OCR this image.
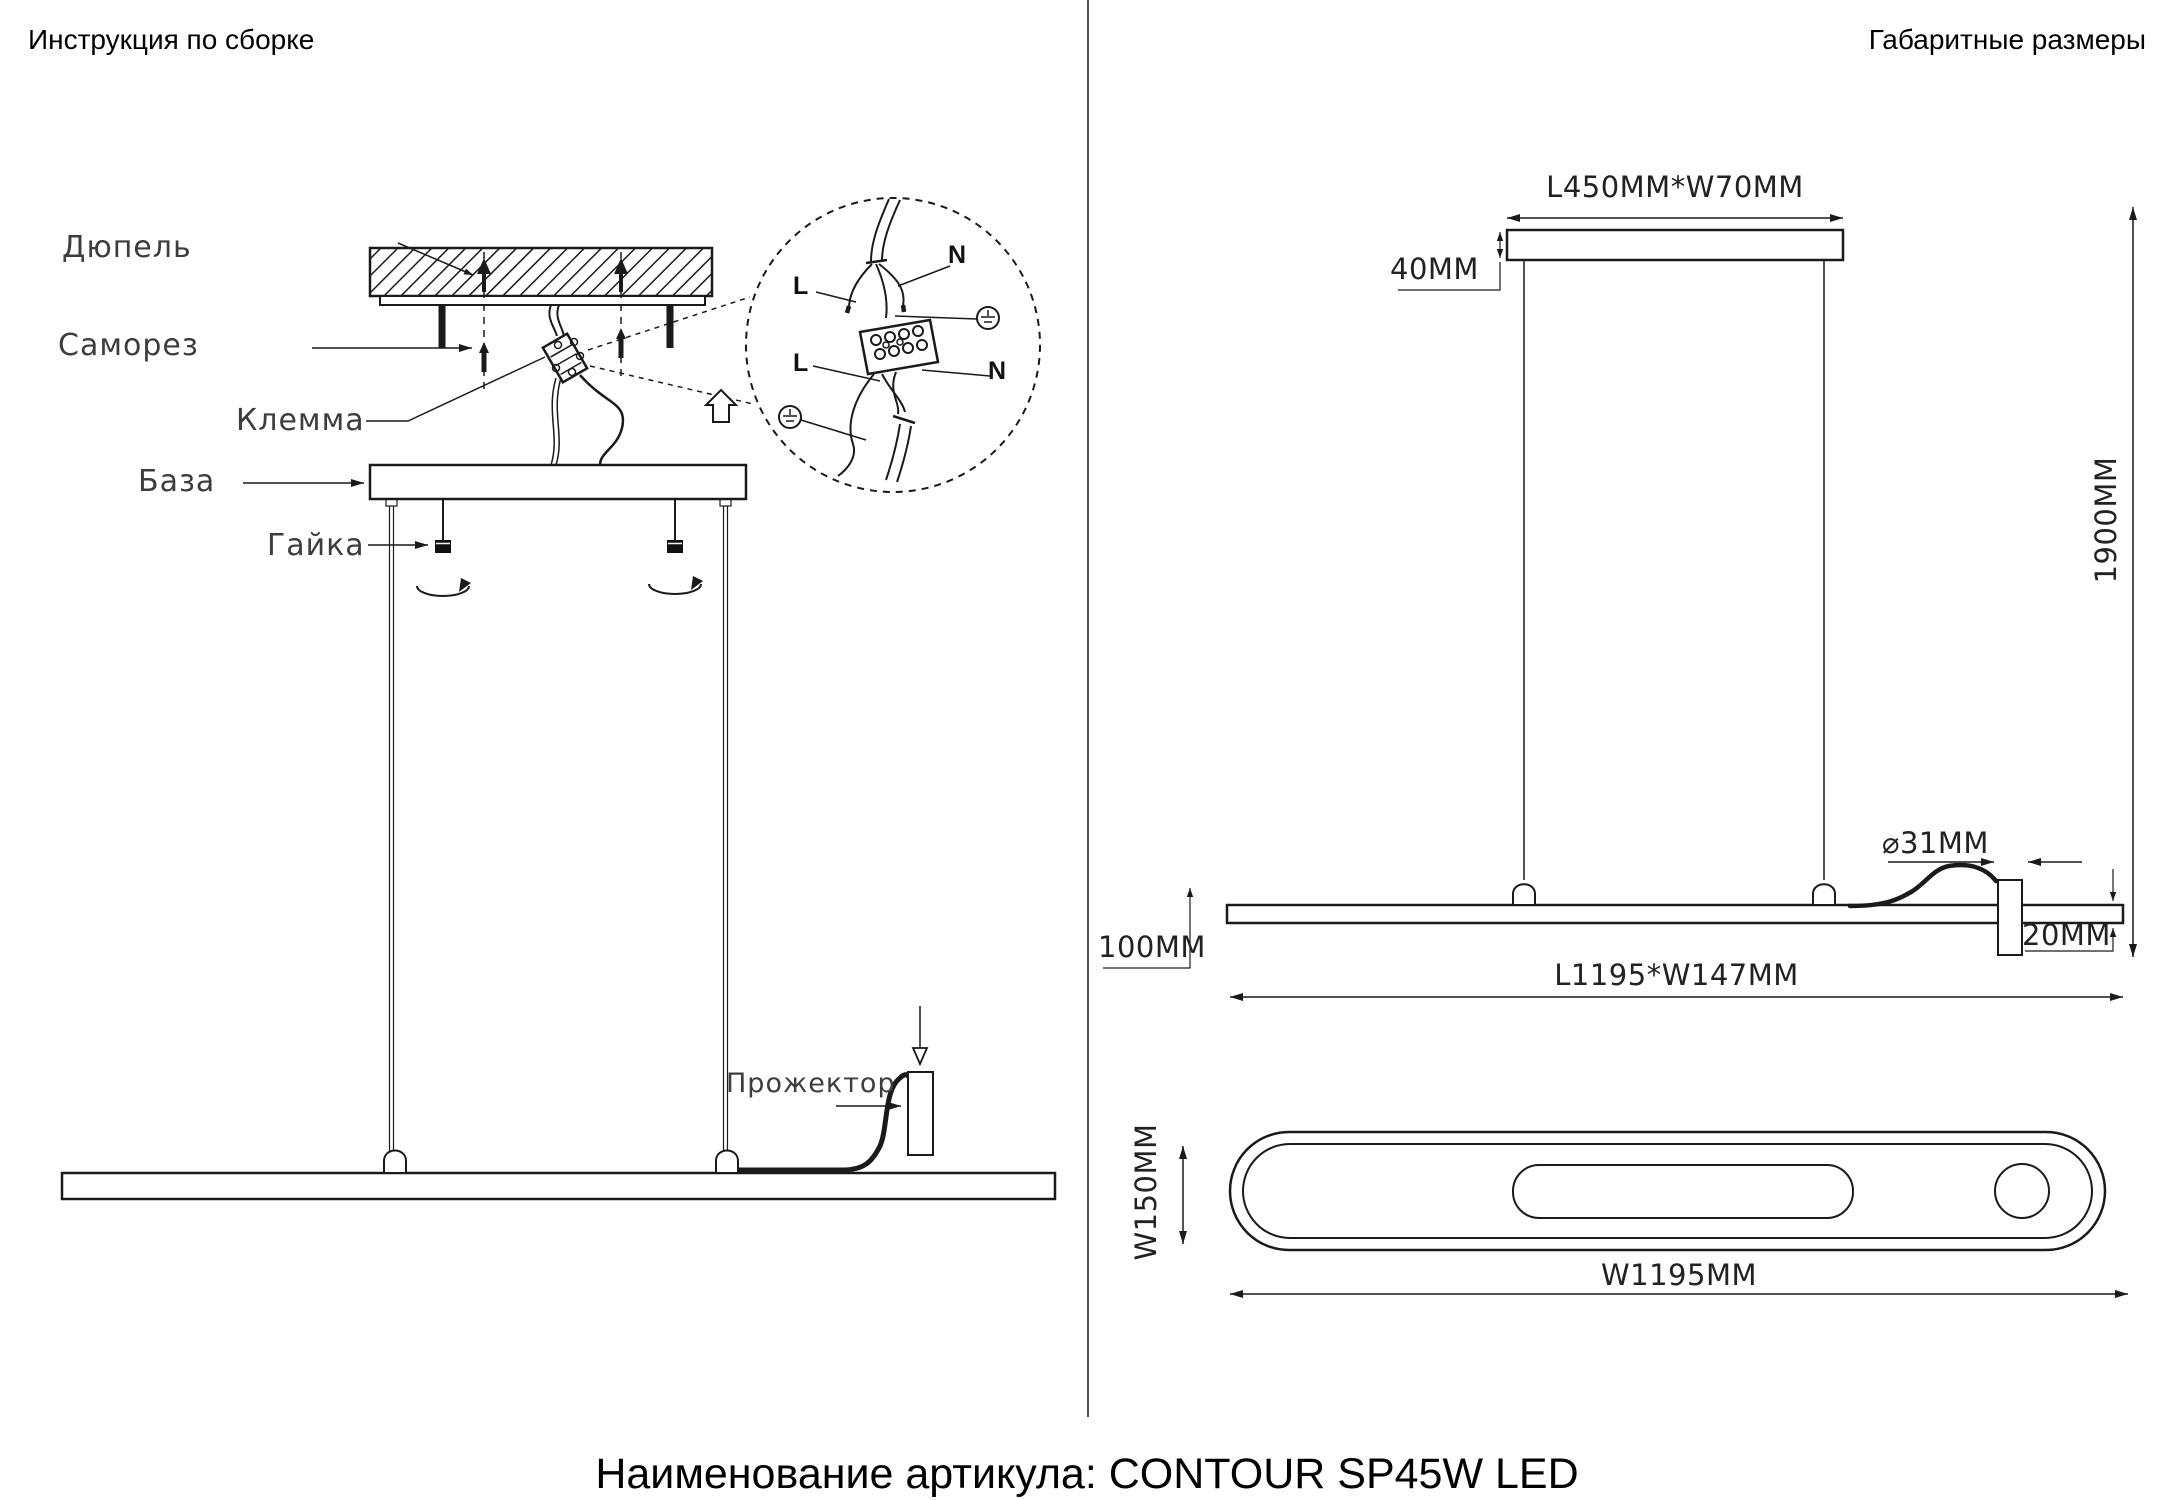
Инструкция по сборке	Габаритные размеры
Дюпель
Саморез
Клемма
База
Гайка
Прожектор
L
N
L	N
L450MM*W70MM
40MM
1900MM
⌀31MM
20MM
100MM
L1195*W147MM
W150MM
W1195MM
Наименование артикула: CONTOUR SP45W LED
